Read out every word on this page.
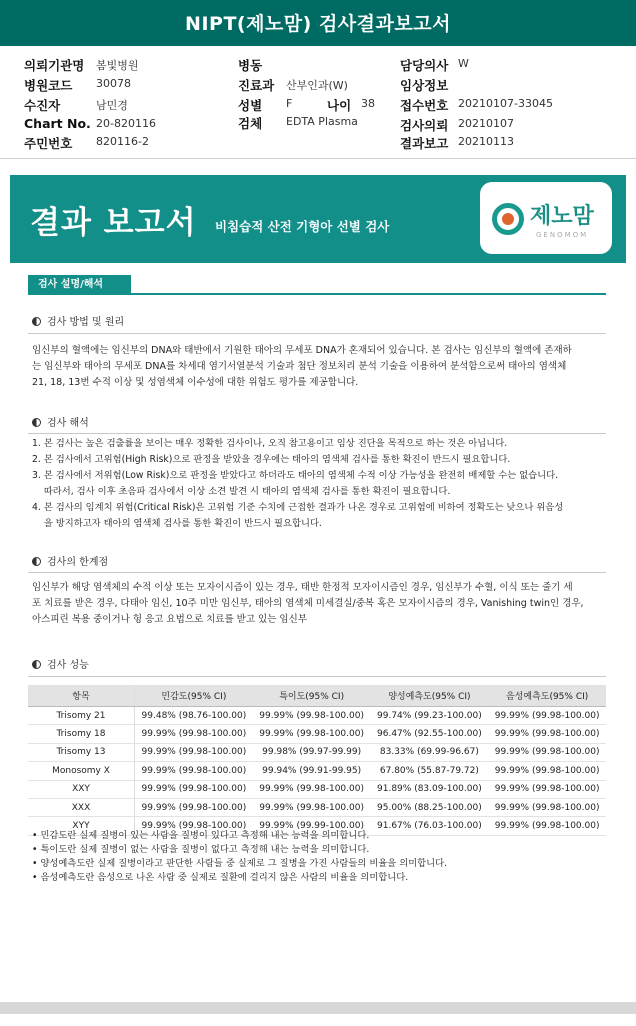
NIPT(제노맘) 검사결과보고서
의뢰기관명 봄빛병원
병원코드 30078
수진자	남민경
Chart No. 20-820116
주민번호 820116-2
병동
진료과 산부인과(W)
성별 F	나이 38
검체 EDTA Plasma
담당의사 W
임상정보
접수번호 20210107-33045
검사의뢰 20210107
결과보고 20210113
결과 보고서 비침습적 산전 기형아 선별 검사	제노맘
GENOMOM
검사 설명/해석
검사 방법 및 원리
임신부의 혈액에는 임신부의 DNA와 태반에서 기원한 태아의 무세포 DNA가 혼재되어 있습니다. 본 검사는 임신부의 혈액에 존재하
는 임신부와 태아의 무세포 DNA를 차세대 염기서열분석 기술과 첨단 정보처리 분석 기술을 이용하여 분석함으로써 태아의 염색체
21, 18, 13번 수적 이상 및 성염색체 이수성에 대한 위험도 평가를 제공합니다.
검사 해석
1. 본 검사는 높은 검출률을 보이는 매우 정확한 검사이나, 오직 참고용이고 임상 진단을 목적으로 하는 것은 아닙니다.
2. 본 검사에서 고위험(High Risk)으로 판정을 받았을 경우에는 태아의 염색체 검사를 통한 확진이 반드시 필요합니다.
3. 본 검사에서 저위험(Low Risk)으로 판정을 받았다고 하더라도 태아의 염색체 수적 이상 가능성을 완전히 배제할 수는 없습니다.
따라서, 검사 이후 초음파 검사에서 이상 소견 발견 시 태아의 염색체 검사를 통한 확진이 필요합니다.
4. 본 검사의 임계치 위험(Critical Risk)은 고위험 기준 수치에 근접한 결과가 나온 경우로 고위험에 비하여 정확도는 낮으나 위음성
을 방지하고자 태아의 염색체 검사를 통한 확진이 반드시 필요합니다.
검사의 한계점
임신부가 해당 염색체의 수적 이상 또는 모자이시즘이 있는 경우, 태반 한정적 모자이시즘인 경우, 임신부가 수혈, 이식 또는 줄기 세
포 치료를 받은 경우, 다태아 임신, 10주 미만 임신부, 태아의 염색체 미세결실/중복 혹은 모자이시즘의 경우, Vanishing twin인 경우,
아스피린 복용 중이거나 헝 응고 요법으로 치료를 받고 있는 임신부
검사 성능
항목	민감도(95% CI)	특이도(95% CI)	양성예측도(95% CI)	음성예측도(95% CI)
Trisomy 21	99.48% (98.76-100.00)	99.99% (99.98-100.00)	99.74% (99.23-100.00)	99.99% (99.98-100.00)
Trisomy 18	99.99% (99.98-100.00)	99.99% (99.98-100.00)	96.47% (92.55-100.00)	99.99% (99.98-100.00)
Trisomy 13	99.99% (99.98-100.00)	99.98% (99.97-99.99)	83.33% (69.99-96.67)	99.99% (99.98-100.00)
Monosomy X	99.99% (99.98-100.00)	99.94% (99.91-99.95)	67.80% (55.87-79.72)	99.99% (99.98-100.00)
XXY	99.99% (99.98-100.00)	99.99% (99.98-100.00)	91.89% (83.09-100.00)	99.99% (99.98-100.00)
XXX	99.99% (99.98-100.00)	99.99% (99.98-100.00)	95.00% (88.25-100.00)	99.99% (99.98-100.00)
XYY	99.99% (99.98-100.00)	99.99% (99.99-100.00)	91.67% (76.03-100.00)	99.99% (99.98-100.00)
• 민감도란 실제 질병이 있는 사람을 질병이 있다고 측정해 내는 능력을 의미합니다.
• 특이도란 실제 질병이 없는 사람을 질병이 없다고 측정해 내는 능력을 의미합니다.
• 양성예측도란 실제 질병이라고 판단한 사람들 중 실제로 그 질병을 가진 사람들의 비율을 의미합니다.
• 음성예측도란 음성으로 나온 사람 중 실제로 질환에 걸리지 않은 사람의 비율을 의미합니다.
